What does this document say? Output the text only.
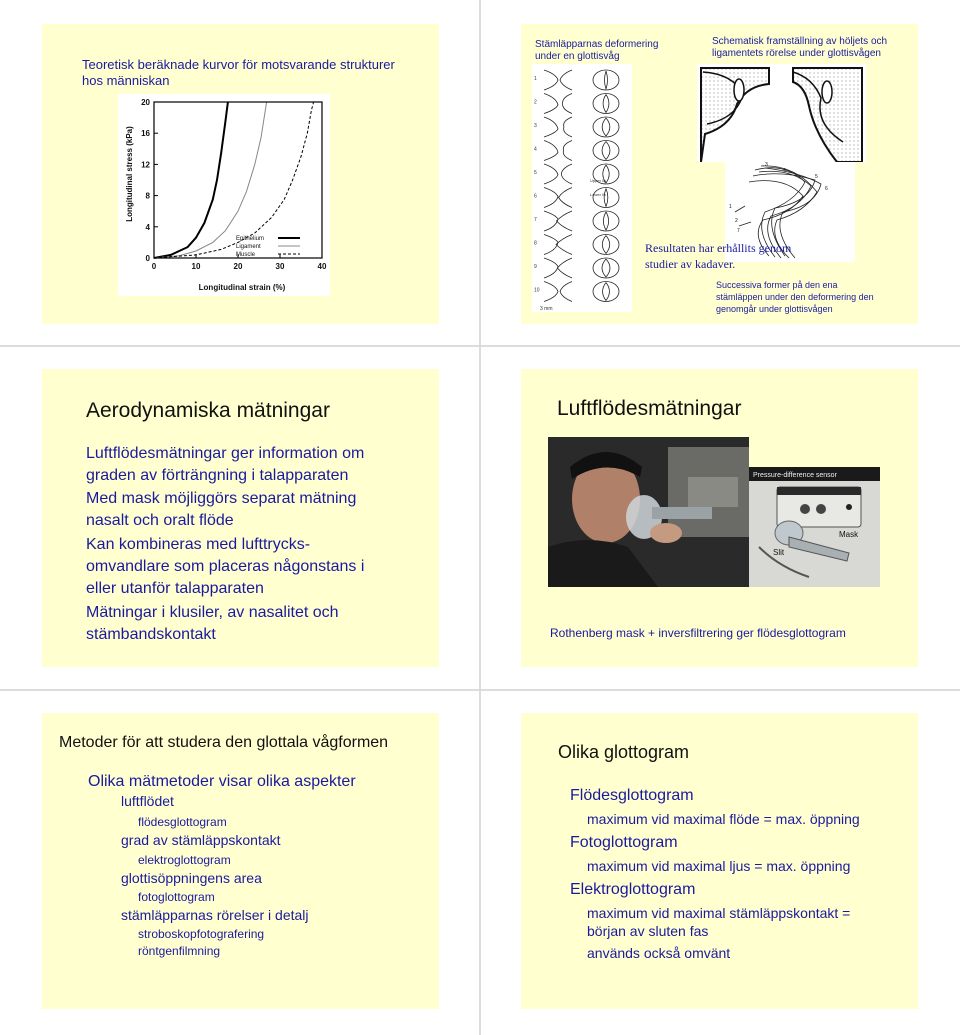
Teoretisk beräknade kurvor för motsvarande strukturer
hos människan
0
4
8
12
16
20
0	10	20	30	40
Longitudinal stress (kPa)
Longitudinal strain (%)
Epithelium
Ligament
Muscle
Stämläpparnas deformering
under en glottisvåg
Schematisk framställning av höljets och
ligamentets rörelse under glottisvågen
1
2
3
4
5
6
7
8
9
10
3 mm
Upper lip
Lower lip
1
2
3
4
5
6
7
Resultaten har erhållits genom
studier av kadaver.
Successiva former på den ena
stämläppen under den deformering den
genomgår under glottisvågen
Aerodynamiska mätningar
Luftflödesmätningar ger information om
graden av förträngning i talapparaten
Med mask möjliggörs separat mätning
nasalt och oralt flöde
Kan kombineras med lufttrycks-
omvandlare som placeras någonstans i
eller utanför talapparaten
Mätningar i klusiler, av nasalitet och
stämbandskontakt
Luftflödesmätningar
Pressure-difference sensor
Mask
Slit
Rothenberg mask + inversfiltrering ger flödesglottogram
Metoder för att studera den glottala vågformen
Olika mätmetoder visar olika aspekter
luftflödet
flödesglottogram
grad av stämläppskontakt
elektroglottogram
glottisöppningens area
fotoglottogram
stämläpparnas rörelser i detalj
stroboskopfotografering
röntgenfilmning
Olika glottogram
Flödesglottogram
maximum vid maximal flöde = max. öppning
Fotoglottogram
maximum vid maximal ljus = max. öppning
Elektroglottogram
maximum vid maximal stämläppskontakt =
början av sluten fas
används också omvänt
